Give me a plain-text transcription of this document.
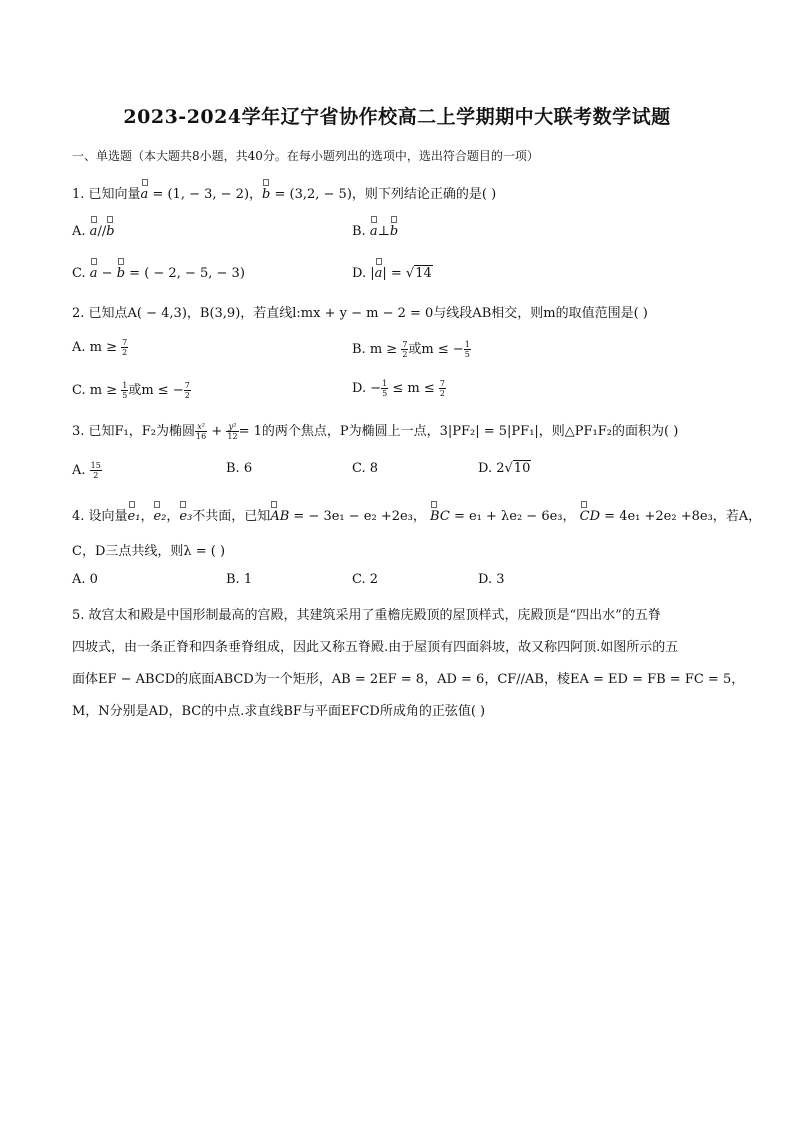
2023-2024学年辽宁省协作校高二上学期期中大联考数学试题
一、单选题（本大题共8小题，共40分。在每小题列出的选项中，选出符合题目的一项）
1. 已知向量a = (1, − 3, − 2)，b = (3,2, − 5)，则下列结论正确的是( )
A. a//b	B. a⊥b
C. a − b = ( − 2, − 5, − 3)	D. |a| = √14
2. 已知点A( − 4,3)，B(3,9)，若直线l:mx + y − m − 2 = 0与线段AB相交，则m的取值范围是( )
A. $m \ge \frac{7}{2}$	B. $m \ge \frac{7}{2}$ 或m ≤ − $\frac{1}{5}$
C. $m \ge \frac{1}{5}$ 或m ≤ − $\frac{7}{2}$	D. − $\frac{1}{5} \le m \le \frac{7}{2}$
3. 已知F₁，F₂为椭圆 $\frac{\text{x²}}{16} + \frac{\text{y²}}{12} = 1$的两个焦点，P为椭圆上一点，3|PF₂| = 5|PF₁|，则△PF₁F₂的面积为( )
A. $\frac{15}{2}$	B. 6	C. 8	D. 2√10
4. 设向量e₁，e₂，e₃不共面，已知AB = − 3e₁ − e₂ +2e₃， BC = e₁ + λe₂ − 6e₃， CD = 4e₁ +2e₂ +8e₃，若A，
C，D三点共线，则λ = ( )
A. 0	B. 1	C. 2	D. 3
5. 故宫太和殿是中国形制最高的宫殿，其建筑采用了重檐庑殿顶的屋顶样式，庑殿顶是“四出水”的五脊
四坡式，由一条正脊和四条垂脊组成，因此又称五脊殿.由于屋顶有四面斜坡，故又称四阿顶.如图所示的五
面体EF − ABCD的底面ABCD为一个矩形，AB = 2EF = 8，AD = 6，CF//AB，棱EA = ED = FB = FC = 5，
M，N分别是AD，BC的中点.求直线BF与平面EFCD所成角的正弦值( )
